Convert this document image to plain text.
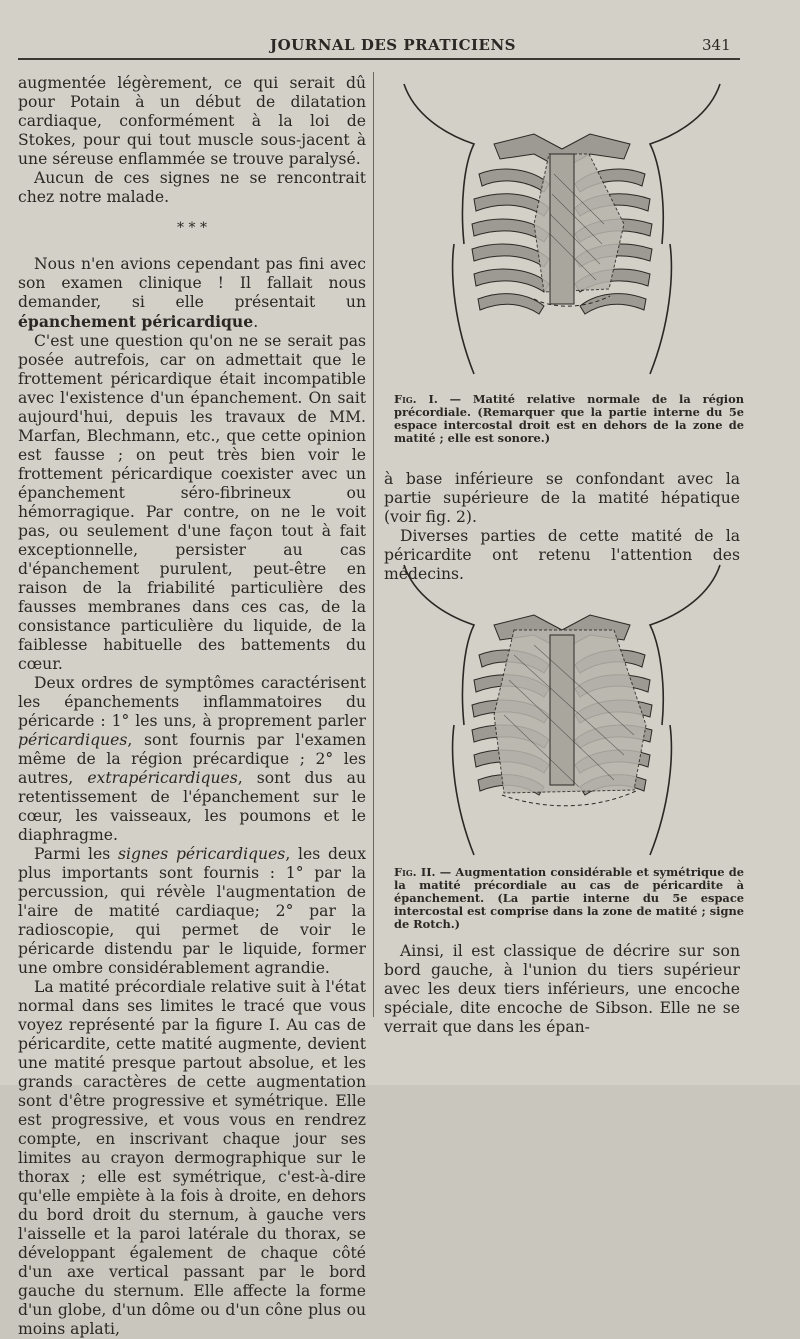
JOURNAL DES PRATICIENS	341

augmentée légèrement, ce qui serait dû pour Potain à un début de dilatation cardiaque, conformément à la loi de Stokes, pour qui tout muscle sous-jacent à une séreuse enflammée se trouve paralysé.

Aucun de ces signes ne se rencontrait chez notre malade.

* * *

Nous n'en avions cependant pas fini avec son examen clinique ! Il fallait nous demander, si elle présentait un épanchement péricardique.

C'est une question qu'on ne se serait pas posée autrefois, car on admettait que le frottement péricardique était incompatible avec l'existence d'un épanchement. On sait aujourd'hui, depuis les travaux de MM. Marfan, Blechmann, etc., que cette opinion est fausse ; on peut très bien voir le frottement péricardique coexister avec un épanchement séro-fibrineux ou hémorragique. Par contre, on ne le voit pas, ou seulement d'une façon tout à fait exceptionnelle, persister au cas d'épanchement purulent, peut-être en raison de la friabilité particulière des fausses membranes dans ces cas, de la consistance particulière du liquide, de la faiblesse habituelle des battements du cœur.

Deux ordres de symptômes caractérisent les épanchements inflammatoires du péricarde : 1° les uns, à proprement parler péricardiques, sont fournis par l'examen même de la région précardique ; 2° les autres, extrapéricardiques, sont dus au retentissement de l'épanchement sur le cœur, les vaisseaux, les poumons et le diaphragme.

Parmi les signes péricardiques, les deux plus importants sont fournis : 1° par la percussion, qui révèle l'augmentation de l'aire de matité cardiaque; 2° par la radioscopie, qui permet de voir le péricarde distendu par le liquide, former une ombre considérablement agrandie.

La matité précordiale relative suit à l'état normal dans ses limites le tracé que vous voyez représenté par la figure I. Au cas de péricardite, cette matité augmente, devient une matité presque partout absolue, et les grands caractères de cette augmentation sont d'être progressive et symétrique. Elle est progressive, et vous vous en rendrez compte, en inscrivant chaque jour ses limites au crayon dermographique sur le thorax ; elle est symétrique, c'est-à-dire qu'elle empiète à la fois à droite, en dehors du bord droit du sternum, à gauche vers l'aisselle et la paroi latérale du thorax, se développant également de chaque côté d'un axe vertical passant par le bord gauche du sternum. Elle affecte la forme d'un globe, d'un dôme ou d'un cône plus ou moins aplati,

Fig. I. — Matité relative normale de la région précordiale. (Remarquer que la partie interne du 5e espace intercostal droit est en dehors de la zone de matité ; elle est sonore.)

à base inférieure se confondant avec la partie supérieure de la matité hépatique (voir fig. 2).

Diverses parties de cette matité de la péricardite ont retenu l'attention des médecins.

Fig. II. — Augmentation considérable et symétrique de la matité précordiale au cas de péricardite à épanchement. (La partie interne du 5e espace intercostal est comprise dans la zone de matité ; signe de Rotch.)

Ainsi, il est classique de décrire sur son bord gauche, à l'union du tiers supérieur avec les deux tiers inférieurs, une encoche spéciale, dite encoche de Sibson. Elle ne se verrait que dans les épan-
